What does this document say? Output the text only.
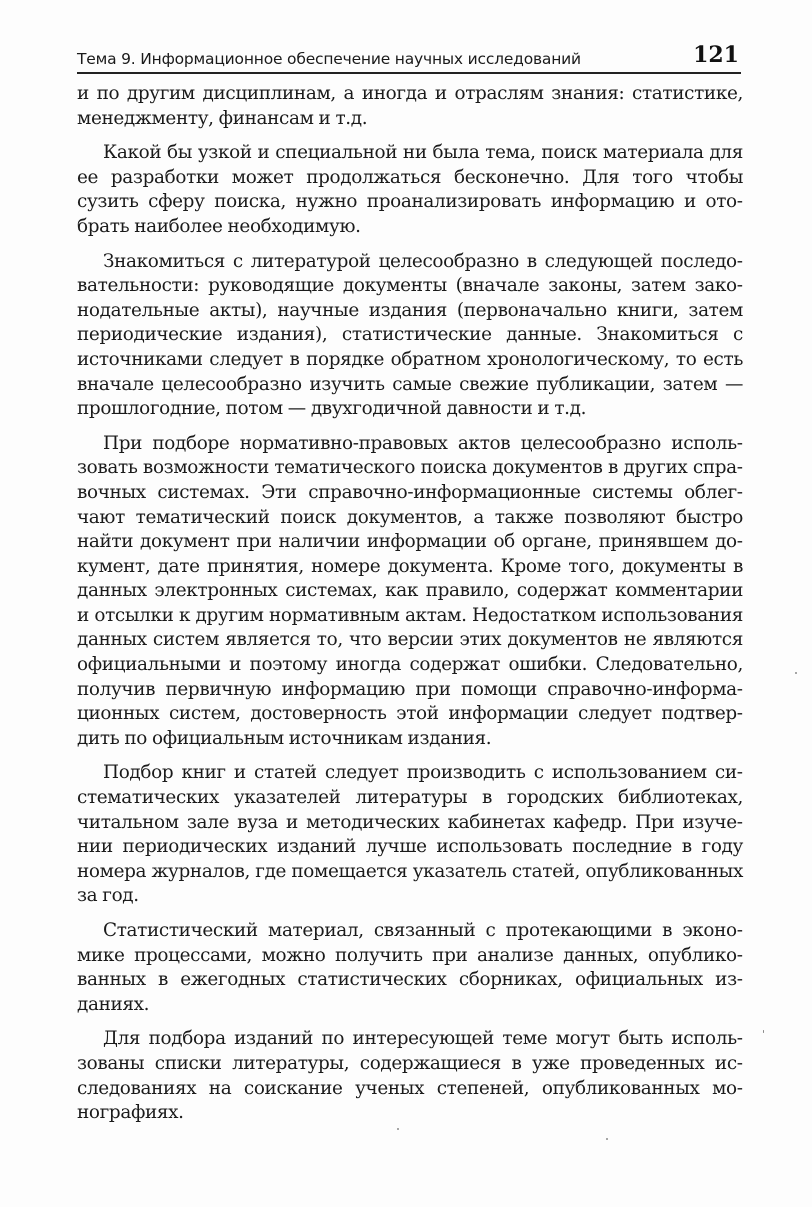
Тема 9. Информационное обеспечение научных исследований	121

и по другим дисциплинам, а иногда и отраслям знания: статистике, менеджменту, финансам и т.д.

Какой бы узкой и специальной ни была тема, поиск материала для ее разработки может продолжаться бесконечно. Для того чтобы сузить сферу поиска, нужно проанализировать информацию и отобрать наиболее необходимую.

Знакомиться с литературой целесообразно в следующей последовательности: руководящие документы (вначале законы, затем законодательные акты), научные издания (первоначально книги, затем периодические издания), статистические данные. Знакомиться с источниками следует в порядке обратном хронологическому, то есть вначале целесообразно изучить самые свежие публикации, затем — прошлогодние, потом — двухгодичной давности и т.д.

При подборе нормативно-правовых актов целесообразно использовать возможности тематического поиска документов в других справочных системах. Эти справочно-информационные системы облегчают тематический поиск документов, а также позволяют быстро найти документ при наличии информации об органе, принявшем документ, дате принятия, номере документа. Кроме того, документы в данных электронных системах, как правило, содержат комментарии и отсылки к другим нормативным актам. Недостатком использования данных систем является то, что версии этих документов не являются официальными и поэтому иногда содержат ошибки. Следовательно, получив первичную информацию при помощи справочно-информационных систем, достоверность этой информации следует подтвердить по официальным источникам издания.

Подбор книг и статей следует производить с использованием систематических указателей литературы в городских библиотеках, читальном зале вуза и методических кабинетах кафедр. При изучении периодических изданий лучше использовать последние в году номера журналов, где помещается указатель статей, опубликованных за год.

Статистический материал, связанный с протекающими в экономике процессами, можно получить при анализе данных, опубликованных в ежегодных статистических сборниках, официальных изданиях.

Для подбора изданий по интересующей теме могут быть использованы списки литературы, содержащиеся в уже проведенных исследованиях на соискание ученых степеней, опубликованных монографиях.
